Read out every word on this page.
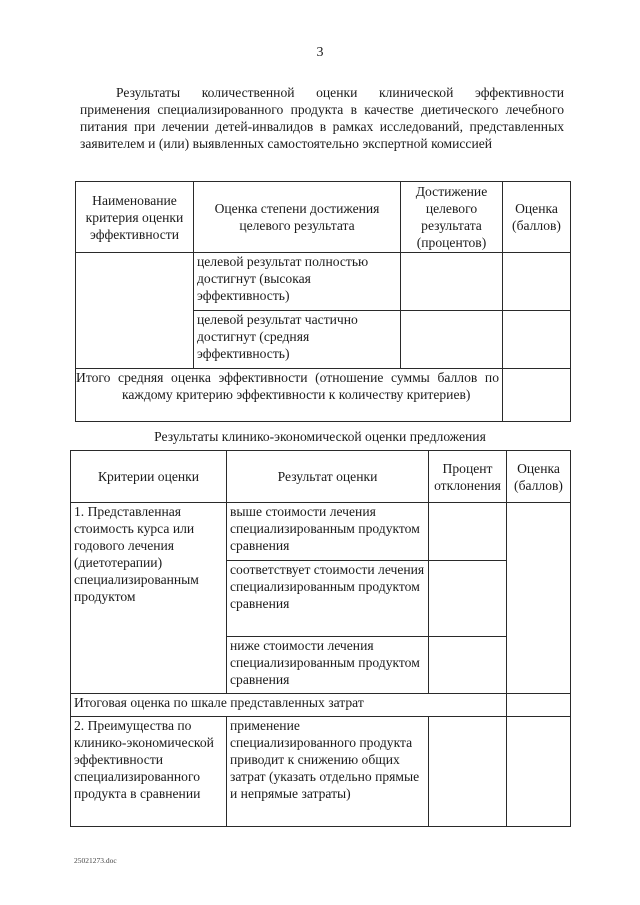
3
Результаты количественной оценки клинической эффективности применения специализированного продукта в качестве диетического лечебного питания при лечении детей-инвалидов в рамках исследований, представленных заявителем и (или) выявленных самостоятельно экспертной комиссией
Наименование критерия оценки эффективности	Оценка степени достижения целевого результата	Достижение целевого результата (процентов)	Оценка (баллов)
	целевой результат полностью достигнут (высокая эффективность)		
	целевой результат частично достигнут (средняя эффективность)		
Итого средняя оценка эффективности (отношение суммы баллов по каждому критерию эффективности к количеству критериев)			
Результаты клинико-экономической оценки предложения
Критерии оценки	Результат оценки	Процент отклонения	Оценка (баллов)
1. Представленная стоимость курса или годового лечения (диетотерапии) специализированным продуктом	выше стоимости лечения специализированным продуктом сравнения		
	соответствует стоимости лечения специализированным продуктом сравнения		
	ниже стоимости лечения специализированным продуктом сравнения		
Итоговая оценка по шкале представленных затрат			
2. Преимущества по клинико-экономической эффективности специализированного продукта в сравнении	применение специализированного продукта приводит к снижению общих затрат (указать отдельно прямые и непрямые затраты)		
25021273.doc
